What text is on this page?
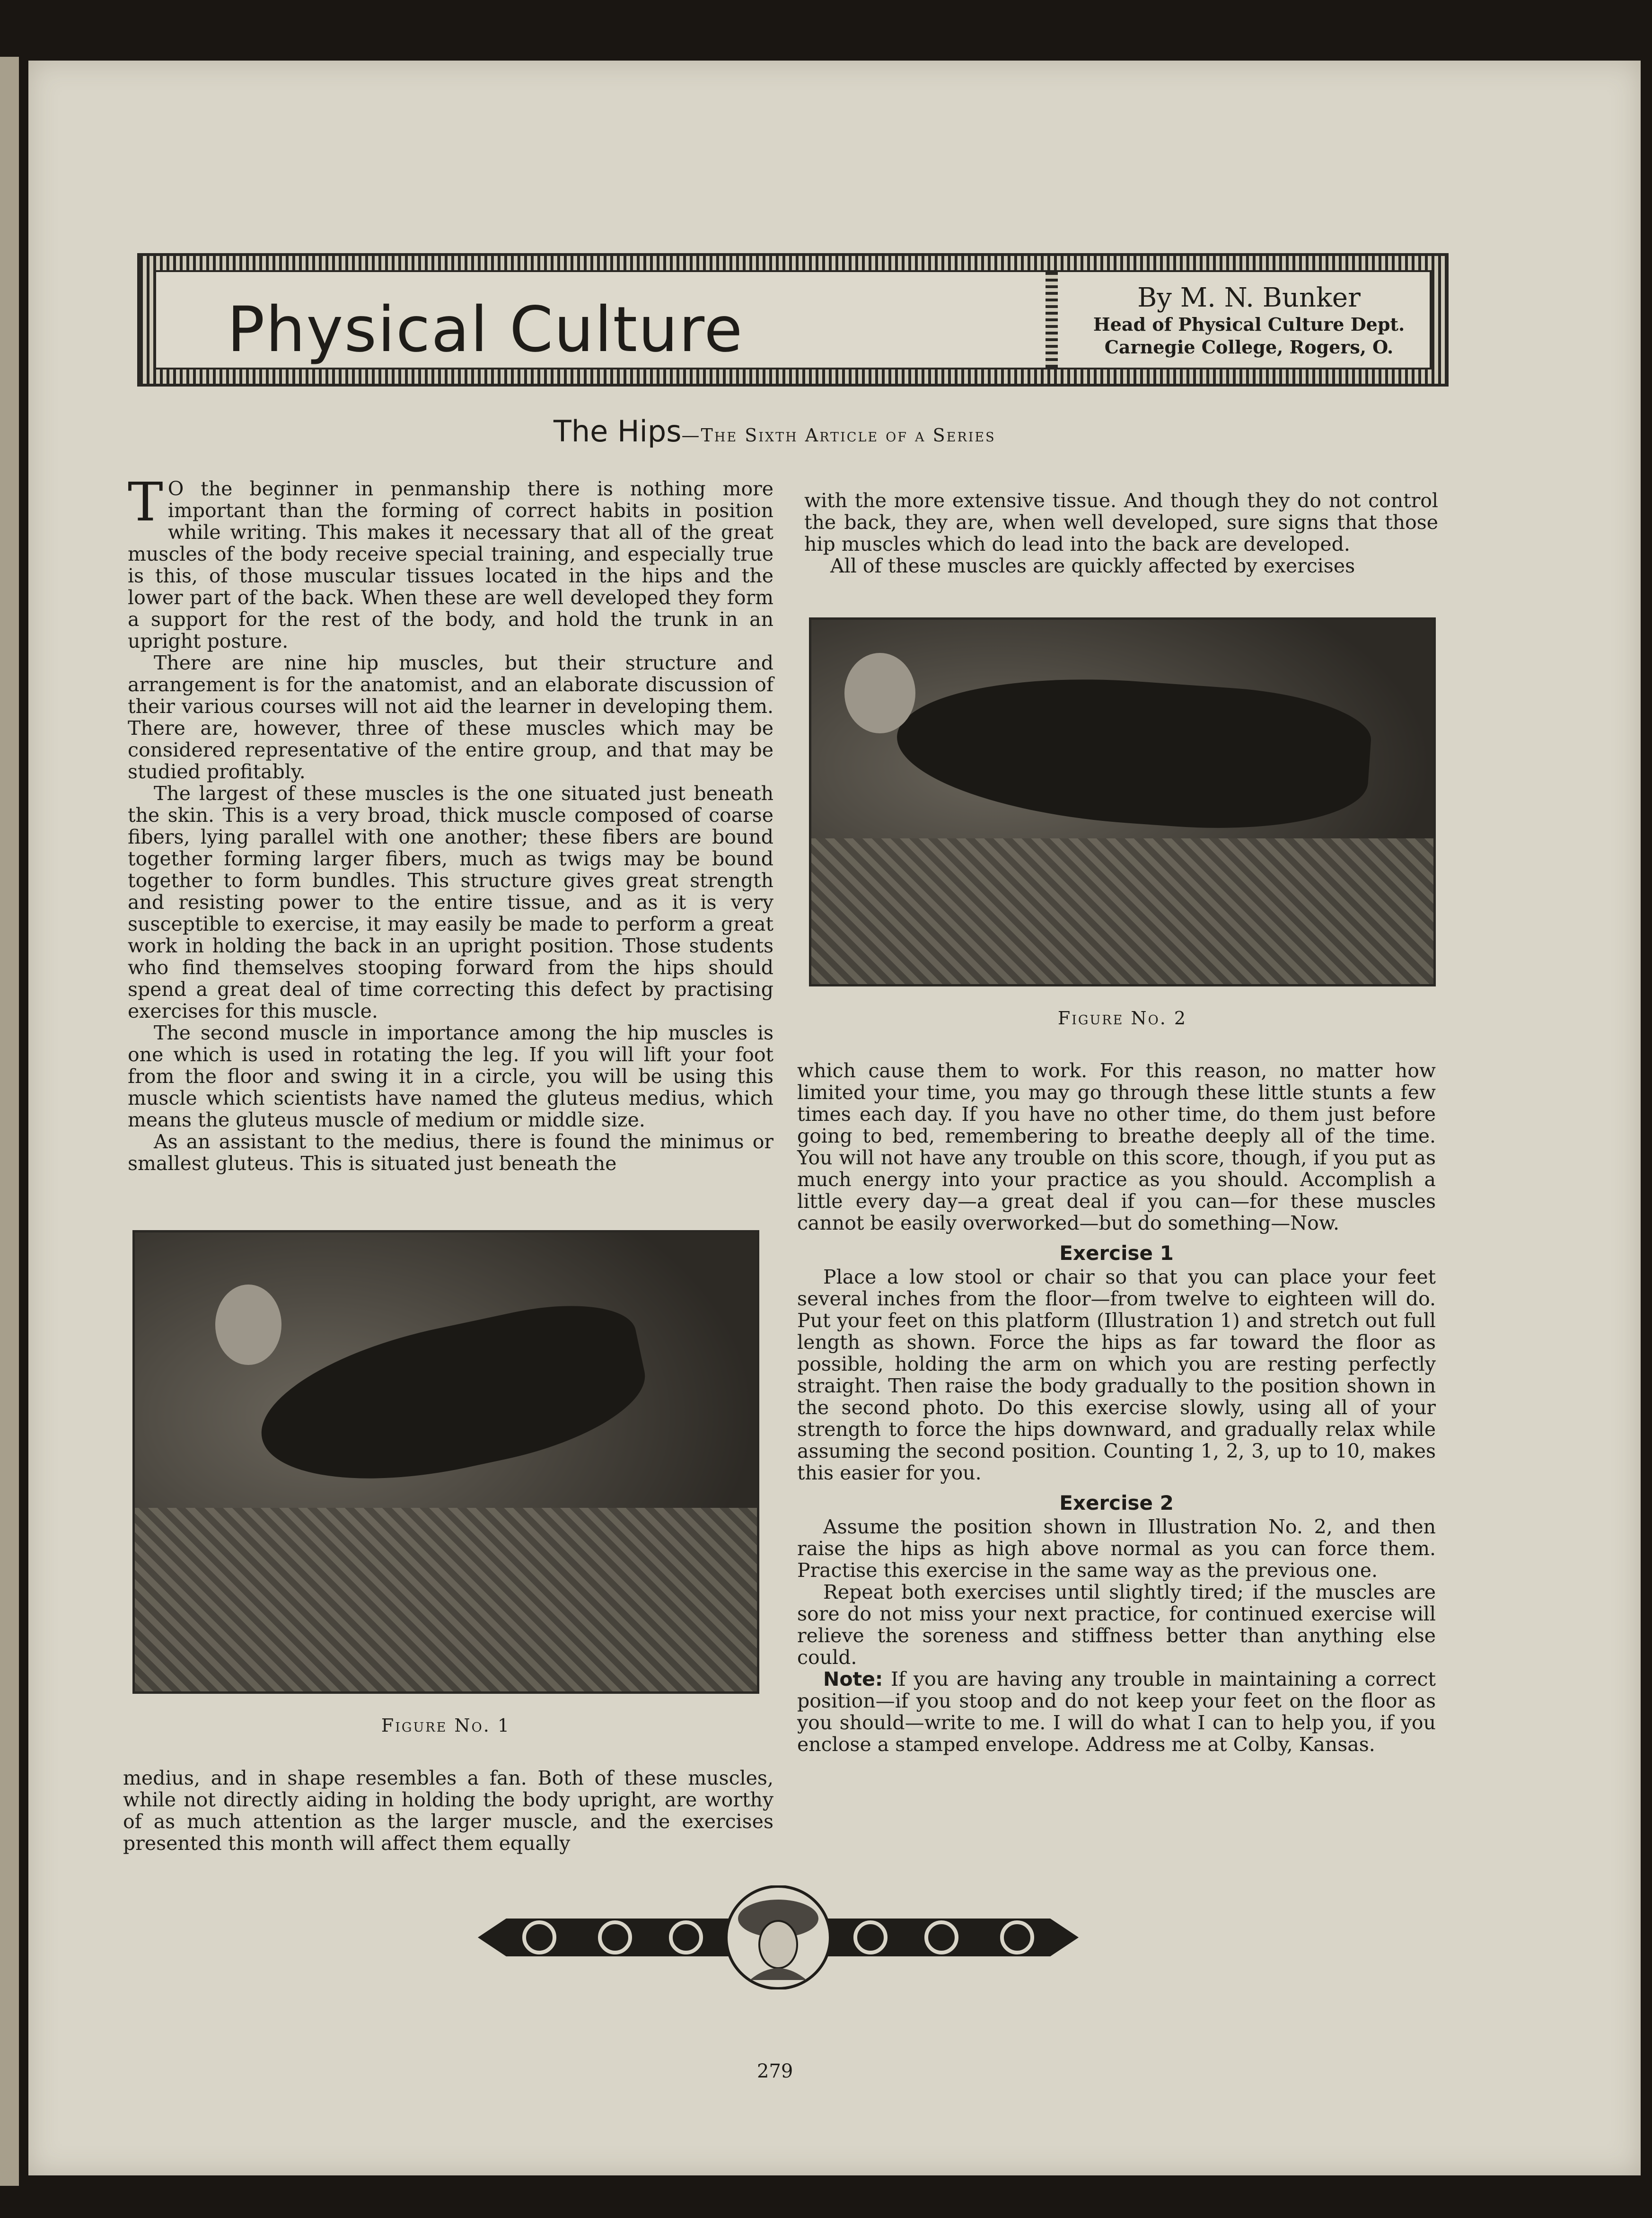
Physical Culture	By M. N. Bunker
Head of Physical Culture Dept.
Carnegie College, Rogers, O.
The Hips—The Sixth Article of a Series

T O the beginner in penmanship there is nothing more important than the forming of correct habits in position while writing. This makes it necessary that all of the great muscles of the body receive special training, and especially true is this, of those muscular tissues located in the hips and the lower part of the back. When these are well developed they form a support for the rest of the body, and hold the trunk in an upright posture.

There are nine hip muscles, but their structure and arrangement is for the anatomist, and an elaborate discussion of their various courses will not aid the learner in developing them. There are, however, three of these muscles which may be considered representative of the entire group, and that may be studied profitably.

The largest of these muscles is the one situated just beneath the skin. This is a very broad, thick muscle composed of coarse fibers, lying parallel with one another; these fibers are bound together forming larger fibers, much as twigs may be bound together to form bundles. This structure gives great strength and resisting power to the entire tissue, and as it is very susceptible to exercise, it may easily be made to perform a great work in holding the back in an upright position. Those students who find themselves stooping forward from the hips should spend a great deal of time correcting this defect by practising exercises for this muscle.

The second muscle in importance among the hip muscles is one which is used in rotating the leg. If you will lift your foot from the floor and swing it in a circle, you will be using this muscle which scientists have named the gluteus medius, which means the gluteus muscle of medium or middle size.

As an assistant to the medius, there is found the minimus or smallest gluteus. This is situated just beneath the

Figure No. 1

medius, and in shape resembles a fan. Both of these muscles, while not directly aiding in holding the body upright, are worthy of as much attention as the larger muscle, and the exercises presented this month will affect them equally

with the more extensive tissue. And though they do not control the back, they are, when well developed, sure signs that those hip muscles which do lead into the back are developed.

All of these muscles are quickly affected by exercises

Figure No. 2

which cause them to work. For this reason, no matter how limited your time, you may go through these little stunts a few times each day. If you have no other time, do them just before going to bed, remembering to breathe deeply all of the time. You will not have any trouble on this score, though, if you put as much energy into your practice as you should. Accomplish a little every day—a great deal if you can—for these muscles cannot be easily overworked—but do something—Now.

Exercise 1

Place a low stool or chair so that you can place your feet several inches from the floor—from twelve to eighteen will do. Put your feet on this platform (Illustration 1) and stretch out full length as shown. Force the hips as far toward the floor as possible, holding the arm on which you are resting perfectly straight. Then raise the body gradually to the position shown in the second photo. Do this exercise slowly, using all of your strength to force the hips downward, and gradually relax while assuming the second position. Counting 1, 2, 3, up to 10, makes this easier for you.

Exercise 2

Assume the position shown in Illustration No. 2, and then raise the hips as high above normal as you can force them. Practise this exercise in the same way as the previous one.

Repeat both exercises until slightly tired; if the muscles are sore do not miss your next practice, for continued exercise will relieve the soreness and stiffness better than anything else could.

Note: If you are having any trouble in maintaining a correct position—if you stoop and do not keep your feet on the floor as you should—write to me. I will do what I can to help you, if you enclose a stamped envelope. Address me at Colby, Kansas.

279
